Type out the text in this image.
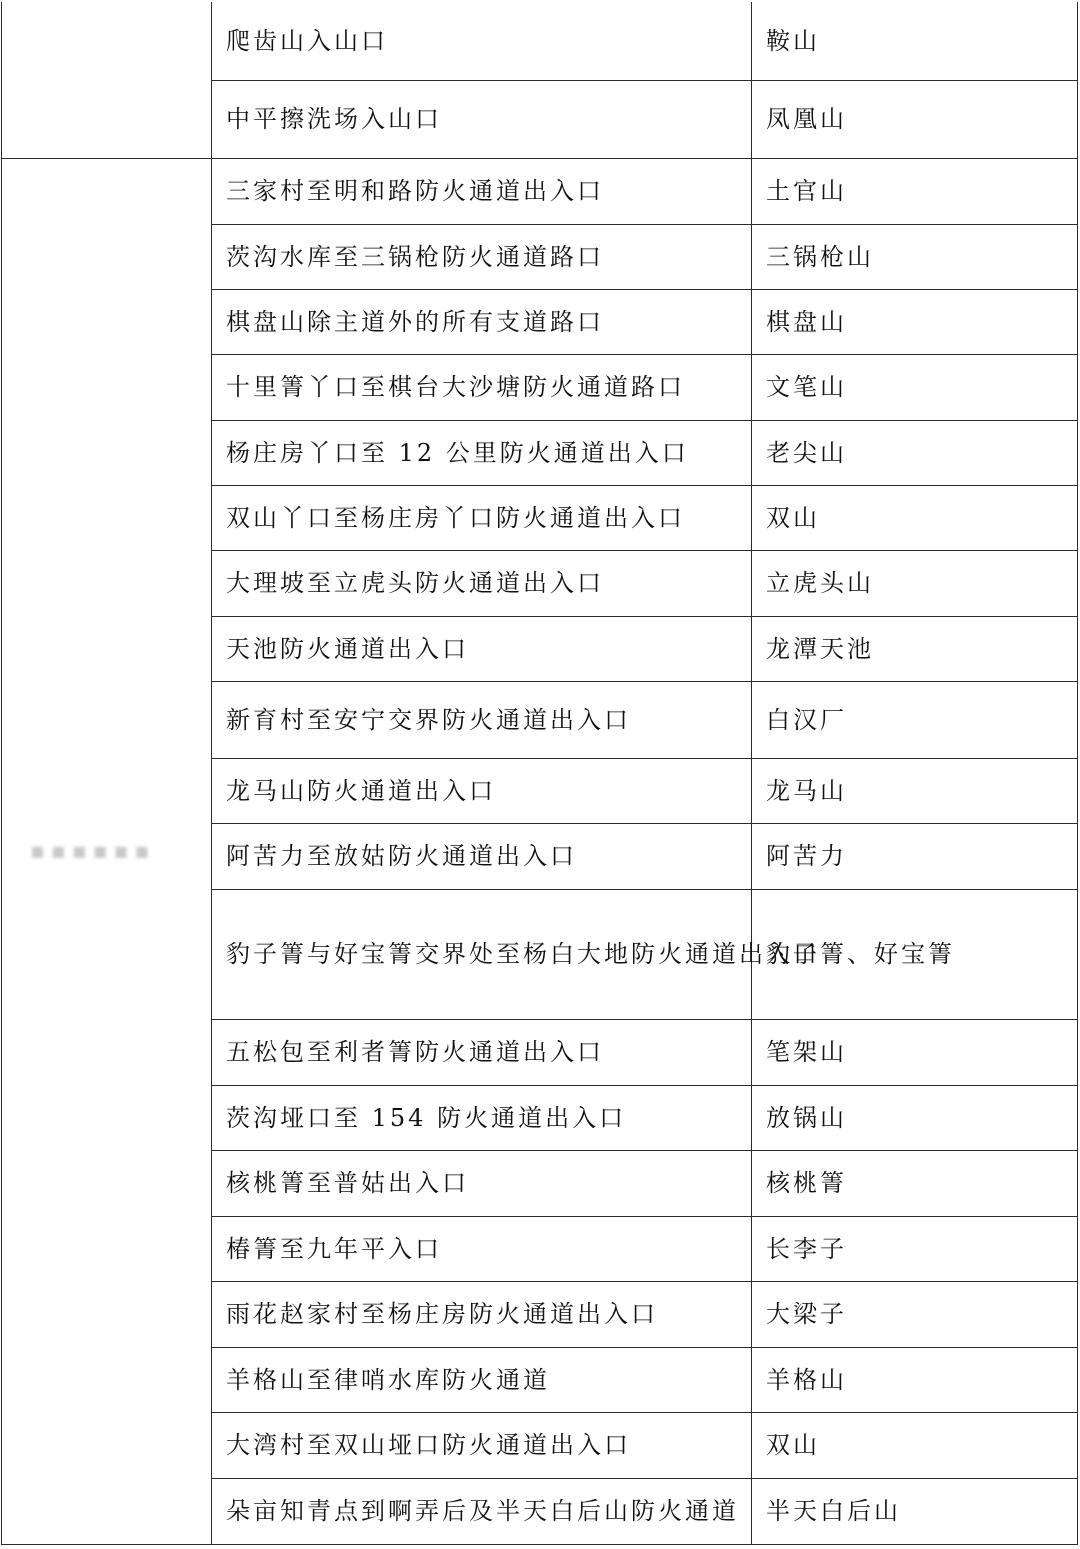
	爬齿山入山口	鞍山
	中平擦洗场入山口	凤凰山
▪▪▪▪▪▪	三家村至明和路防火通道出入口	土官山
	茨沟水库至三锅枪防火通道路口	三锅枪山
	棋盘山除主道外的所有支道路口	棋盘山
	十里箐丫口至棋台大沙塘防火通道路口	文笔山
	杨庄房丫口至 12 公里防火通道出入口	老尖山
	双山丫口至杨庄房丫口防火通道出入口	双山
	大理坡至立虎头防火通道出入口	立虎头山
	天池防火通道出入口	龙潭天池
	新育村至安宁交界防火通道出入口	白汉厂
	龙马山防火通道出入口	龙马山
	阿苦力至放姑防火通道出入口	阿苦力
	豹子箐与好宝箐交界处至杨白大地防火通道出入口	豹子箐、好宝箐
	五松包至利者箐防火通道出入口	笔架山
	茨沟垭口至 154 防火通道出入口	放锅山
	核桃箐至普姑出入口	核桃箐
	椿箐至九年平入口	长李子
	雨花赵家村至杨庄房防火通道出入口	大梁子
	羊格山至律哨水库防火通道	羊格山
	大湾村至双山垭口防火通道出入口	双山
	朵亩知青点到啊弄后及半天白后山防火通道	半天白后山
